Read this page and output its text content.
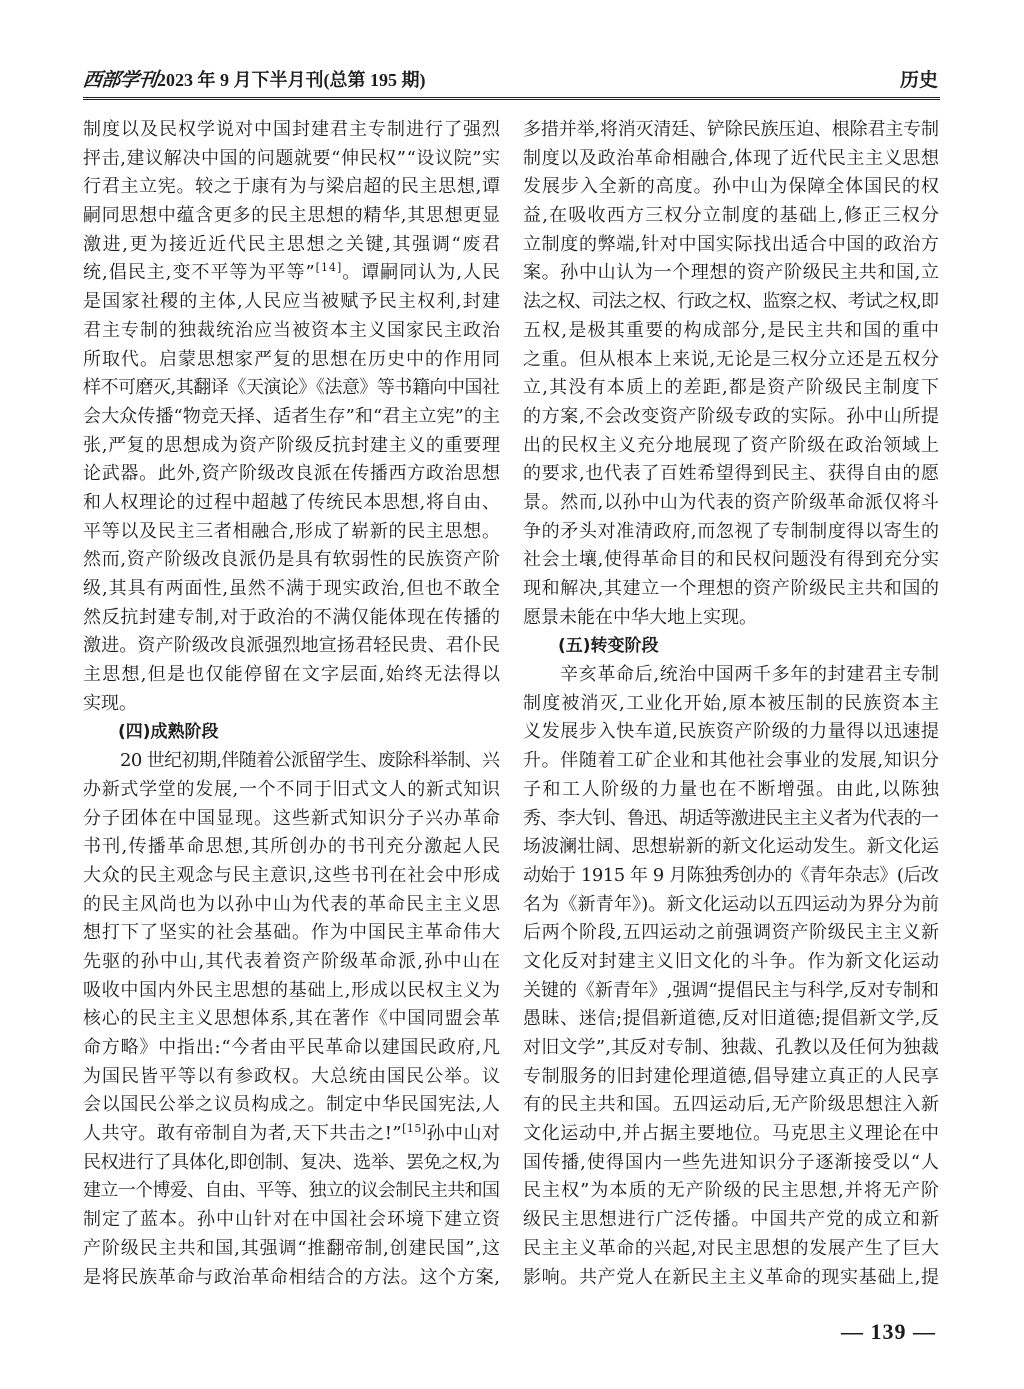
西部学刊2023 年 9 月下半月刊(总第 195 期)	历史
制度以及民权学说对中国封建君主专制进行了强烈
抨击,建议解决中国的问题就要“伸民权”“设议院”实
行君主立宪。较之于康有为与梁启超的民主思想,谭
嗣同思想中蕴含更多的民主思想的精华,其思想更显
激进,更为接近近代民主思想之关键,其强调“废君
统,倡民主,变不平等为平等”[14]。谭嗣同认为,人民
是国家社稷的主体,人民应当被赋予民主权利,封建
君主专制的独裁统治应当被资本主义国家民主政治
所取代。启蒙思想家严复的思想在历史中的作用同
样不可磨灭,其翻译《天演论》《法意》等书籍向中国社
会大众传播“物竞天择、适者生存”和“君主立宪”的主
张,严复的思想成为资产阶级反抗封建主义的重要理
论武器。此外,资产阶级改良派在传播西方政治思想
和人权理论的过程中超越了传统民本思想,将自由、
平等以及民主三者相融合,形成了崭新的民主思想。
然而,资产阶级改良派仍是具有软弱性的民族资产阶
级,其具有两面性,虽然不满于现实政治,但也不敢全
然反抗封建专制,对于政治的不满仅能体现在传播的
激进。资产阶级改良派强烈地宣扬君轻民贵、君仆民
主思想,但是也仅能停留在文字层面,始终无法得以
实现。
(四)成熟阶段
20 世纪初期,伴随着公派留学生、废除科举制、兴
办新式学堂的发展,一个不同于旧式文人的新式知识
分子团体在中国显现。这些新式知识分子兴办革命
书刊,传播革命思想,其所创办的书刊充分激起人民
大众的民主观念与民主意识,这些书刊在社会中形成
的民主风尚也为以孙中山为代表的革命民主主义思
想打下了坚实的社会基础。作为中国民主革命伟大
先驱的孙中山,其代表着资产阶级革命派,孙中山在
吸收中国内外民主思想的基础上,形成以民权主义为
核心的民主主义思想体系,其在著作《中国同盟会革
命方略》中指出:“今者由平民革命以建国民政府,凡
为国民皆平等以有参政权。大总统由国民公举。议
会以国民公举之议员构成之。制定中华民国宪法,人
人共守。敢有帝制自为者,天下共击之!”[15]孙中山对
民权进行了具体化,即创制、复决、选举、罢免之权,为
建立一个博爱、自由、平等、独立的议会制民主共和国
制定了蓝本。孙中山针对在中国社会环境下建立资
产阶级民主共和国,其强调“推翻帝制,创建民国”,这
是将民族革命与政治革命相结合的方法。这个方案,
多措并举,将消灭清廷、铲除民族压迫、根除君主专制
制度以及政治革命相融合,体现了近代民主主义思想
发展步入全新的高度。孙中山为保障全体国民的权
益,在吸收西方三权分立制度的基础上,修正三权分
立制度的弊端,针对中国实际找出适合中国的政治方
案。孙中山认为一个理想的资产阶级民主共和国,立
法之权、司法之权、行政之权、监察之权、考试之权,即
五权,是极其重要的构成部分,是民主共和国的重中
之重。但从根本上来说,无论是三权分立还是五权分
立,其没有本质上的差距,都是资产阶级民主制度下
的方案,不会改变资产阶级专政的实际。孙中山所提
出的民权主义充分地展现了资产阶级在政治领域上
的要求,也代表了百姓希望得到民主、获得自由的愿
景。然而,以孙中山为代表的资产阶级革命派仅将斗
争的矛头对准清政府,而忽视了专制制度得以寄生的
社会土壤,使得革命目的和民权问题没有得到充分实
现和解决,其建立一个理想的资产阶级民主共和国的
愿景未能在中华大地上实现。
(五)转变阶段
辛亥革命后,统治中国两千多年的封建君主专制
制度被消灭,工业化开始,原本被压制的民族资本主
义发展步入快车道,民族资产阶级的力量得以迅速提
升。伴随着工矿企业和其他社会事业的发展,知识分
子和工人阶级的力量也在不断增强。由此,以陈独
秀、李大钊、鲁迅、胡适等激进民主主义者为代表的一
场波澜壮阔、思想崭新的新文化运动发生。新文化运
动始于 1915 年 9 月陈独秀创办的《青年杂志》(后改
名为《新青年》)。新文化运动以五四运动为界分为前
后两个阶段,五四运动之前强调资产阶级民主主义新
文化反对封建主义旧文化的斗争。作为新文化运动
关键的《新青年》,强调“提倡民主与科学,反对专制和
愚昧、迷信;提倡新道德,反对旧道德;提倡新文学,反
对旧文学”,其反对专制、独裁、孔教以及任何为独裁
专制服务的旧封建伦理道德,倡导建立真正的人民享
有的民主共和国。五四运动后,无产阶级思想注入新
文化运动中,并占据主要地位。马克思主义理论在中
国传播,使得国内一些先进知识分子逐渐接受以“人
民主权”为本质的无产阶级的民主思想,并将无产阶
级民主思想进行广泛传播。中国共产党的成立和新
民主主义革命的兴起,对民主思想的发展产生了巨大
影响。共产党人在新民主主义革命的现实基础上,提
— 139 —
